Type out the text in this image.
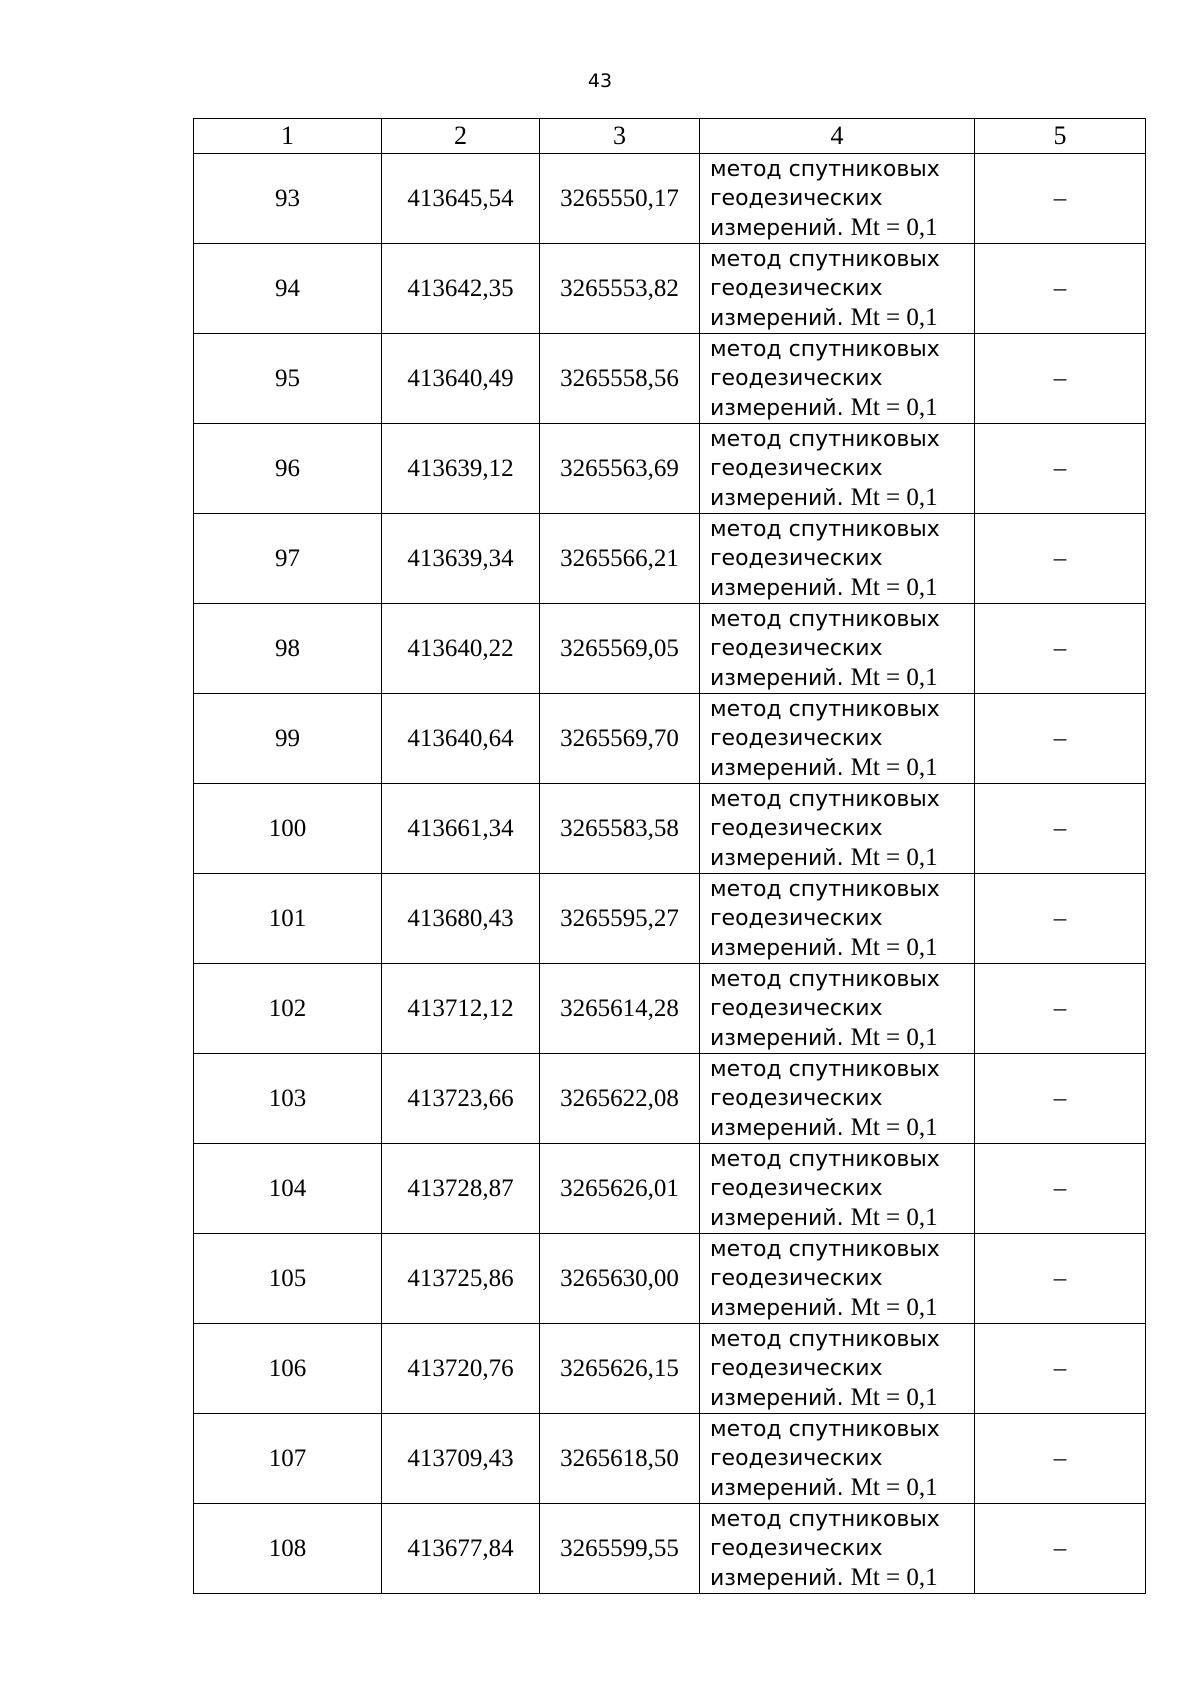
43
1	2	3	4	5
93	413645,54	3265550,17	метод спутниковых
геодезических
измерений. Mt = 0,1	–
94	413642,35	3265553,82	метод спутниковых
геодезических
измерений. Mt = 0,1	–
95	413640,49	3265558,56	метод спутниковых
геодезических
измерений. Mt = 0,1	–
96	413639,12	3265563,69	метод спутниковых
геодезических
измерений. Mt = 0,1	–
97	413639,34	3265566,21	метод спутниковых
геодезических
измерений. Mt = 0,1	–
98	413640,22	3265569,05	метод спутниковых
геодезических
измерений. Mt = 0,1	–
99	413640,64	3265569,70	метод спутниковых
геодезических
измерений. Mt = 0,1	–
100	413661,34	3265583,58	метод спутниковых
геодезических
измерений. Mt = 0,1	–
101	413680,43	3265595,27	метод спутниковых
геодезических
измерений. Mt = 0,1	–
102	413712,12	3265614,28	метод спутниковых
геодезических
измерений. Mt = 0,1	–
103	413723,66	3265622,08	метод спутниковых
геодезических
измерений. Mt = 0,1	–
104	413728,87	3265626,01	метод спутниковых
геодезических
измерений. Mt = 0,1	–
105	413725,86	3265630,00	метод спутниковых
геодезических
измерений. Mt = 0,1	–
106	413720,76	3265626,15	метод спутниковых
геодезических
измерений. Mt = 0,1	–
107	413709,43	3265618,50	метод спутниковых
геодезических
измерений. Mt = 0,1	–
108	413677,84	3265599,55	метод спутниковых
геодезических
измерений. Mt = 0,1	–
